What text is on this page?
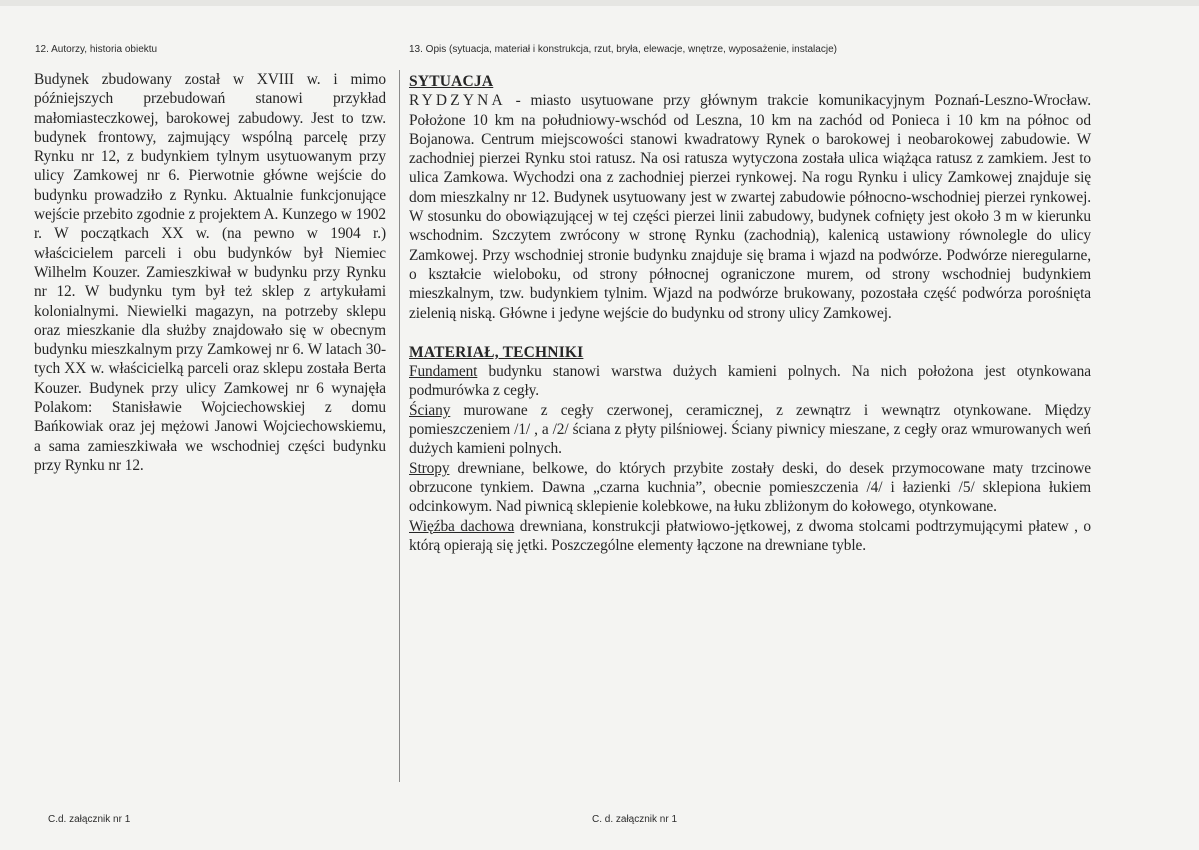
12. Autorzy, historia obiektu	13. Opis (sytuacja, materiał i konstrukcja, rzut, bryła, elewacje, wnętrze, wyposażenie, instalacje)

Budynek zbudowany został w XVIII w. i mimo późniejszych przebudowań stanowi przykład małomiasteczkowej, barokowej zabudowy. Jest to tzw. budynek frontowy, zajmujący wspólną parcelę przy Rynku nr 12, z budynkiem tylnym usytuowanym przy ulicy Zamkowej nr 6. Pierwotnie główne wejście do budynku prowadziło z Rynku. Aktualnie funkcjonujące wejście przebito zgodnie z projektem A. Kunzego w 1902 r. W początkach XX w. (na pewno w 1904 r.) właścicielem parceli i obu budynków był Niemiec Wilhelm Kouzer. Zamieszkiwał w budynku przy Rynku nr 12. W budynku tym był też sklep z artykułami kolonialnymi. Niewielki magazyn, na potrzeby sklepu oraz mieszkanie dla służby znajdowało się w obecnym budynku mieszkalnym przy Zamkowej nr 6. W latach 30-tych XX w. właścicielką parceli oraz sklepu została Berta Kouzer. Budynek przy ulicy Zamkowej nr 6 wynajęła Polakom: Stanisławie Wojciechowskiej z domu Bańkowiak oraz jej mężowi Janowi Wojciechowskiemu, a sama zamieszkiwała we wschodniej części budynku przy Rynku nr 12.

SYTUACJA

RYDZYNA - miasto usytuowane przy głównym trakcie komunikacyjnym Poznań-Leszno-Wrocław. Położone 10 km na południowy-wschód od Leszna, 10 km na zachód od Ponieca i 10 km na północ od Bojanowa. Centrum miejscowości stanowi kwadratowy Rynek o barokowej i neobarokowej zabudowie. W zachodniej pierzei Rynku stoi ratusz. Na osi ratusza wytyczona została ulica wiążąca ratusz z zamkiem. Jest to ulica Zamkowa. Wychodzi ona z zachodniej pierzei rynkowej. Na rogu Rynku i ulicy Zamkowej znajduje się dom mieszkalny nr 12. Budynek usytuowany jest w zwartej zabudowie północno-wschodniej pierzei rynkowej. W stosunku do obowiązującej w tej części pierzei linii zabudowy, budynek cofnięty jest około 3 m w kierunku wschodnim. Szczytem zwrócony w stronę Rynku (zachodnią), kalenicą ustawiony równolegle do ulicy Zamkowej. Przy wschodniej stronie budynku znajduje się brama i wjazd na podwórze. Podwórze nieregularne, o kształcie wieloboku, od strony północnej ograniczone murem, od strony wschodniej budynkiem mieszkalnym, tzw. budynkiem tylnim. Wjazd na podwórze brukowany, pozostała część podwórza porośnięta zielenią niską. Główne i jedyne wejście do budynku od strony ulicy Zamkowej.

MATERIAŁ, TECHNIKI

Fundament budynku stanowi warstwa dużych kamieni polnych. Na nich położona jest otynkowana podmurówka z cegły.

Ściany murowane z cegły czerwonej, ceramicznej, z zewnątrz i wewnątrz otynkowane. Między pomieszczeniem /1/ , a /2/ ściana z płyty pilśniowej. Ściany piwnicy mieszane, z cegły oraz wmurowanych weń dużych kamieni polnych.

Stropy drewniane, belkowe, do których przybite zostały deski, do desek przymocowane maty trzcinowe obrzucone tynkiem. Dawna „czarna kuchnia”, obecnie pomieszczenia /4/ i łazienki /5/ sklepiona łukiem odcinkowym. Nad piwnicą sklepienie kolebkowe, na łuku zbliżonym do kołowego, otynkowane.

Więźba dachowa drewniana, konstrukcji płatwiowo-jętkowej, z dwoma stolcami podtrzymującymi płatew , o którą opierają się jętki. Poszczególne elementy łączone na drewniane tyble.

C.d. załącznik nr 1	C. d. załącznik nr 1
